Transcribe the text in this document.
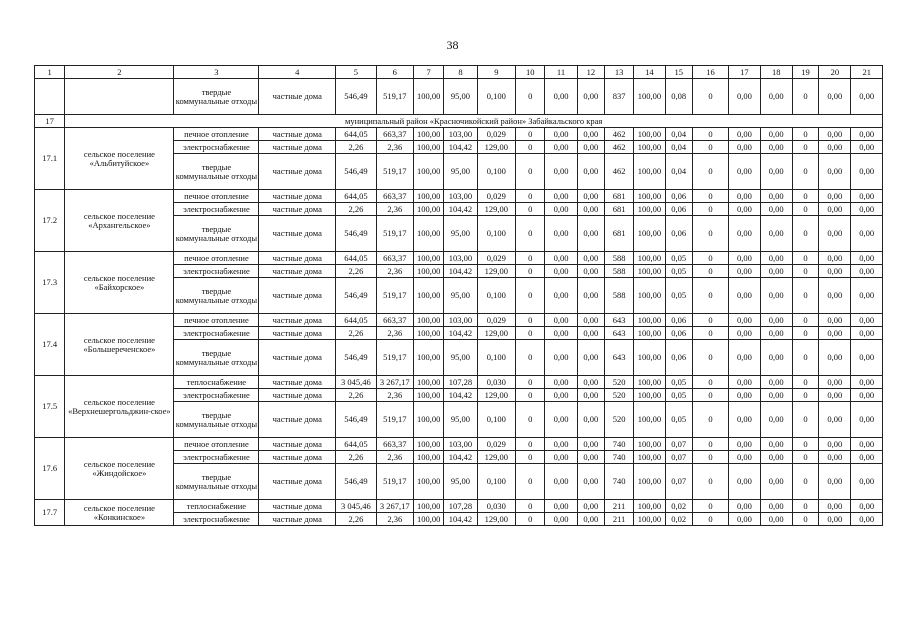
38
1	2	3	4	5	6	7	8	9	10	11	12	13	14	15	16	17	18	19	20	21
		твердые коммунальные отходы	частные дома	546,49	519,17	100,00	95,00	0,100	0	0,00	0,00	837	100,00	0,08	0	0,00	0,00	0	0,00	0,00
17	муниципальный район «Красночикойский район» Забайкальского края																			
17.1	сельское поселение «Альбитуйское»	печное отопление	частные дома	644,05	663,37	100,00	103,00	0,029	0	0,00	0,00	462	100,00	0,04	0	0,00	0,00	0	0,00	0,00
		электроснабжение	частные дома	2,26	2,36	100,00	104,42	129,00	0	0,00	0,00	462	100,00	0,04	0	0,00	0,00	0	0,00	0,00
		твердые коммунальные отходы	частные дома	546,49	519,17	100,00	95,00	0,100	0	0,00	0,00	462	100,00	0,04	0	0,00	0,00	0	0,00	0,00
17.2	сельское поселение «Архангельское»	печное отопление	частные дома	644,05	663,37	100,00	103,00	0,029	0	0,00	0,00	681	100,00	0,06	0	0,00	0,00	0	0,00	0,00
		электроснабжение	частные дома	2,26	2,36	100,00	104,42	129,00	0	0,00	0,00	681	100,00	0,06	0	0,00	0,00	0	0,00	0,00
		твердые коммунальные отходы	частные дома	546,49	519,17	100,00	95,00	0,100	0	0,00	0,00	681	100,00	0,06	0	0,00	0,00	0	0,00	0,00
17.3	сельское поселение «Байхорское»	печное отопление	частные дома	644,05	663,37	100,00	103,00	0,029	0	0,00	0,00	588	100,00	0,05	0	0,00	0,00	0	0,00	0,00
		электроснабжение	частные дома	2,26	2,36	100,00	104,42	129,00	0	0,00	0,00	588	100,00	0,05	0	0,00	0,00	0	0,00	0,00
		твердые коммунальные отходы	частные дома	546,49	519,17	100,00	95,00	0,100	0	0,00	0,00	588	100,00	0,05	0	0,00	0,00	0	0,00	0,00
17.4	сельское поселение «Большереченское»	печное отопление	частные дома	644,05	663,37	100,00	103,00	0,029	0	0,00	0,00	643	100,00	0,06	0	0,00	0,00	0	0,00	0,00
		электроснабжение	частные дома	2,26	2,36	100,00	104,42	129,00	0	0,00	0,00	643	100,00	0,06	0	0,00	0,00	0	0,00	0,00
		твердые коммунальные отходы	частные дома	546,49	519,17	100,00	95,00	0,100	0	0,00	0,00	643	100,00	0,06	0	0,00	0,00	0	0,00	0,00
17.5	сельское поселение «Верхнешергольджин-ское»	теплоснабжение	частные дома	3 045,46	3 267,17	100,00	107,28	0,030	0	0,00	0,00	520	100,00	0,05	0	0,00	0,00	0	0,00	0,00
		электроснабжение	частные дома	2,26	2,36	100,00	104,42	129,00	0	0,00	0,00	520	100,00	0,05	0	0,00	0,00	0	0,00	0,00
		твердые коммунальные отходы	частные дома	546,49	519,17	100,00	95,00	0,100	0	0,00	0,00	520	100,00	0,05	0	0,00	0,00	0	0,00	0,00
17.6	сельское поселение «Жиндойское»	печное отопление	частные дома	644,05	663,37	100,00	103,00	0,029	0	0,00	0,00	740	100,00	0,07	0	0,00	0,00	0	0,00	0,00
		электроснабжение	частные дома	2,26	2,36	100,00	104,42	129,00	0	0,00	0,00	740	100,00	0,07	0	0,00	0,00	0	0,00	0,00
		твердые коммунальные отходы	частные дома	546,49	519,17	100,00	95,00	0,100	0	0,00	0,00	740	100,00	0,07	0	0,00	0,00	0	0,00	0,00
17.7	сельское поселение «Конкинское»	теплоснабжение	частные дома	3 045,46	3 267,17	100,00	107,28	0,030	0	0,00	0,00	211	100,00	0,02	0	0,00	0,00	0	0,00	0,00
		электроснабжение	частные дома	2,26	2,36	100,00	104,42	129,00	0	0,00	0,00	211	100,00	0,02	0	0,00	0,00	0	0,00	0,00
